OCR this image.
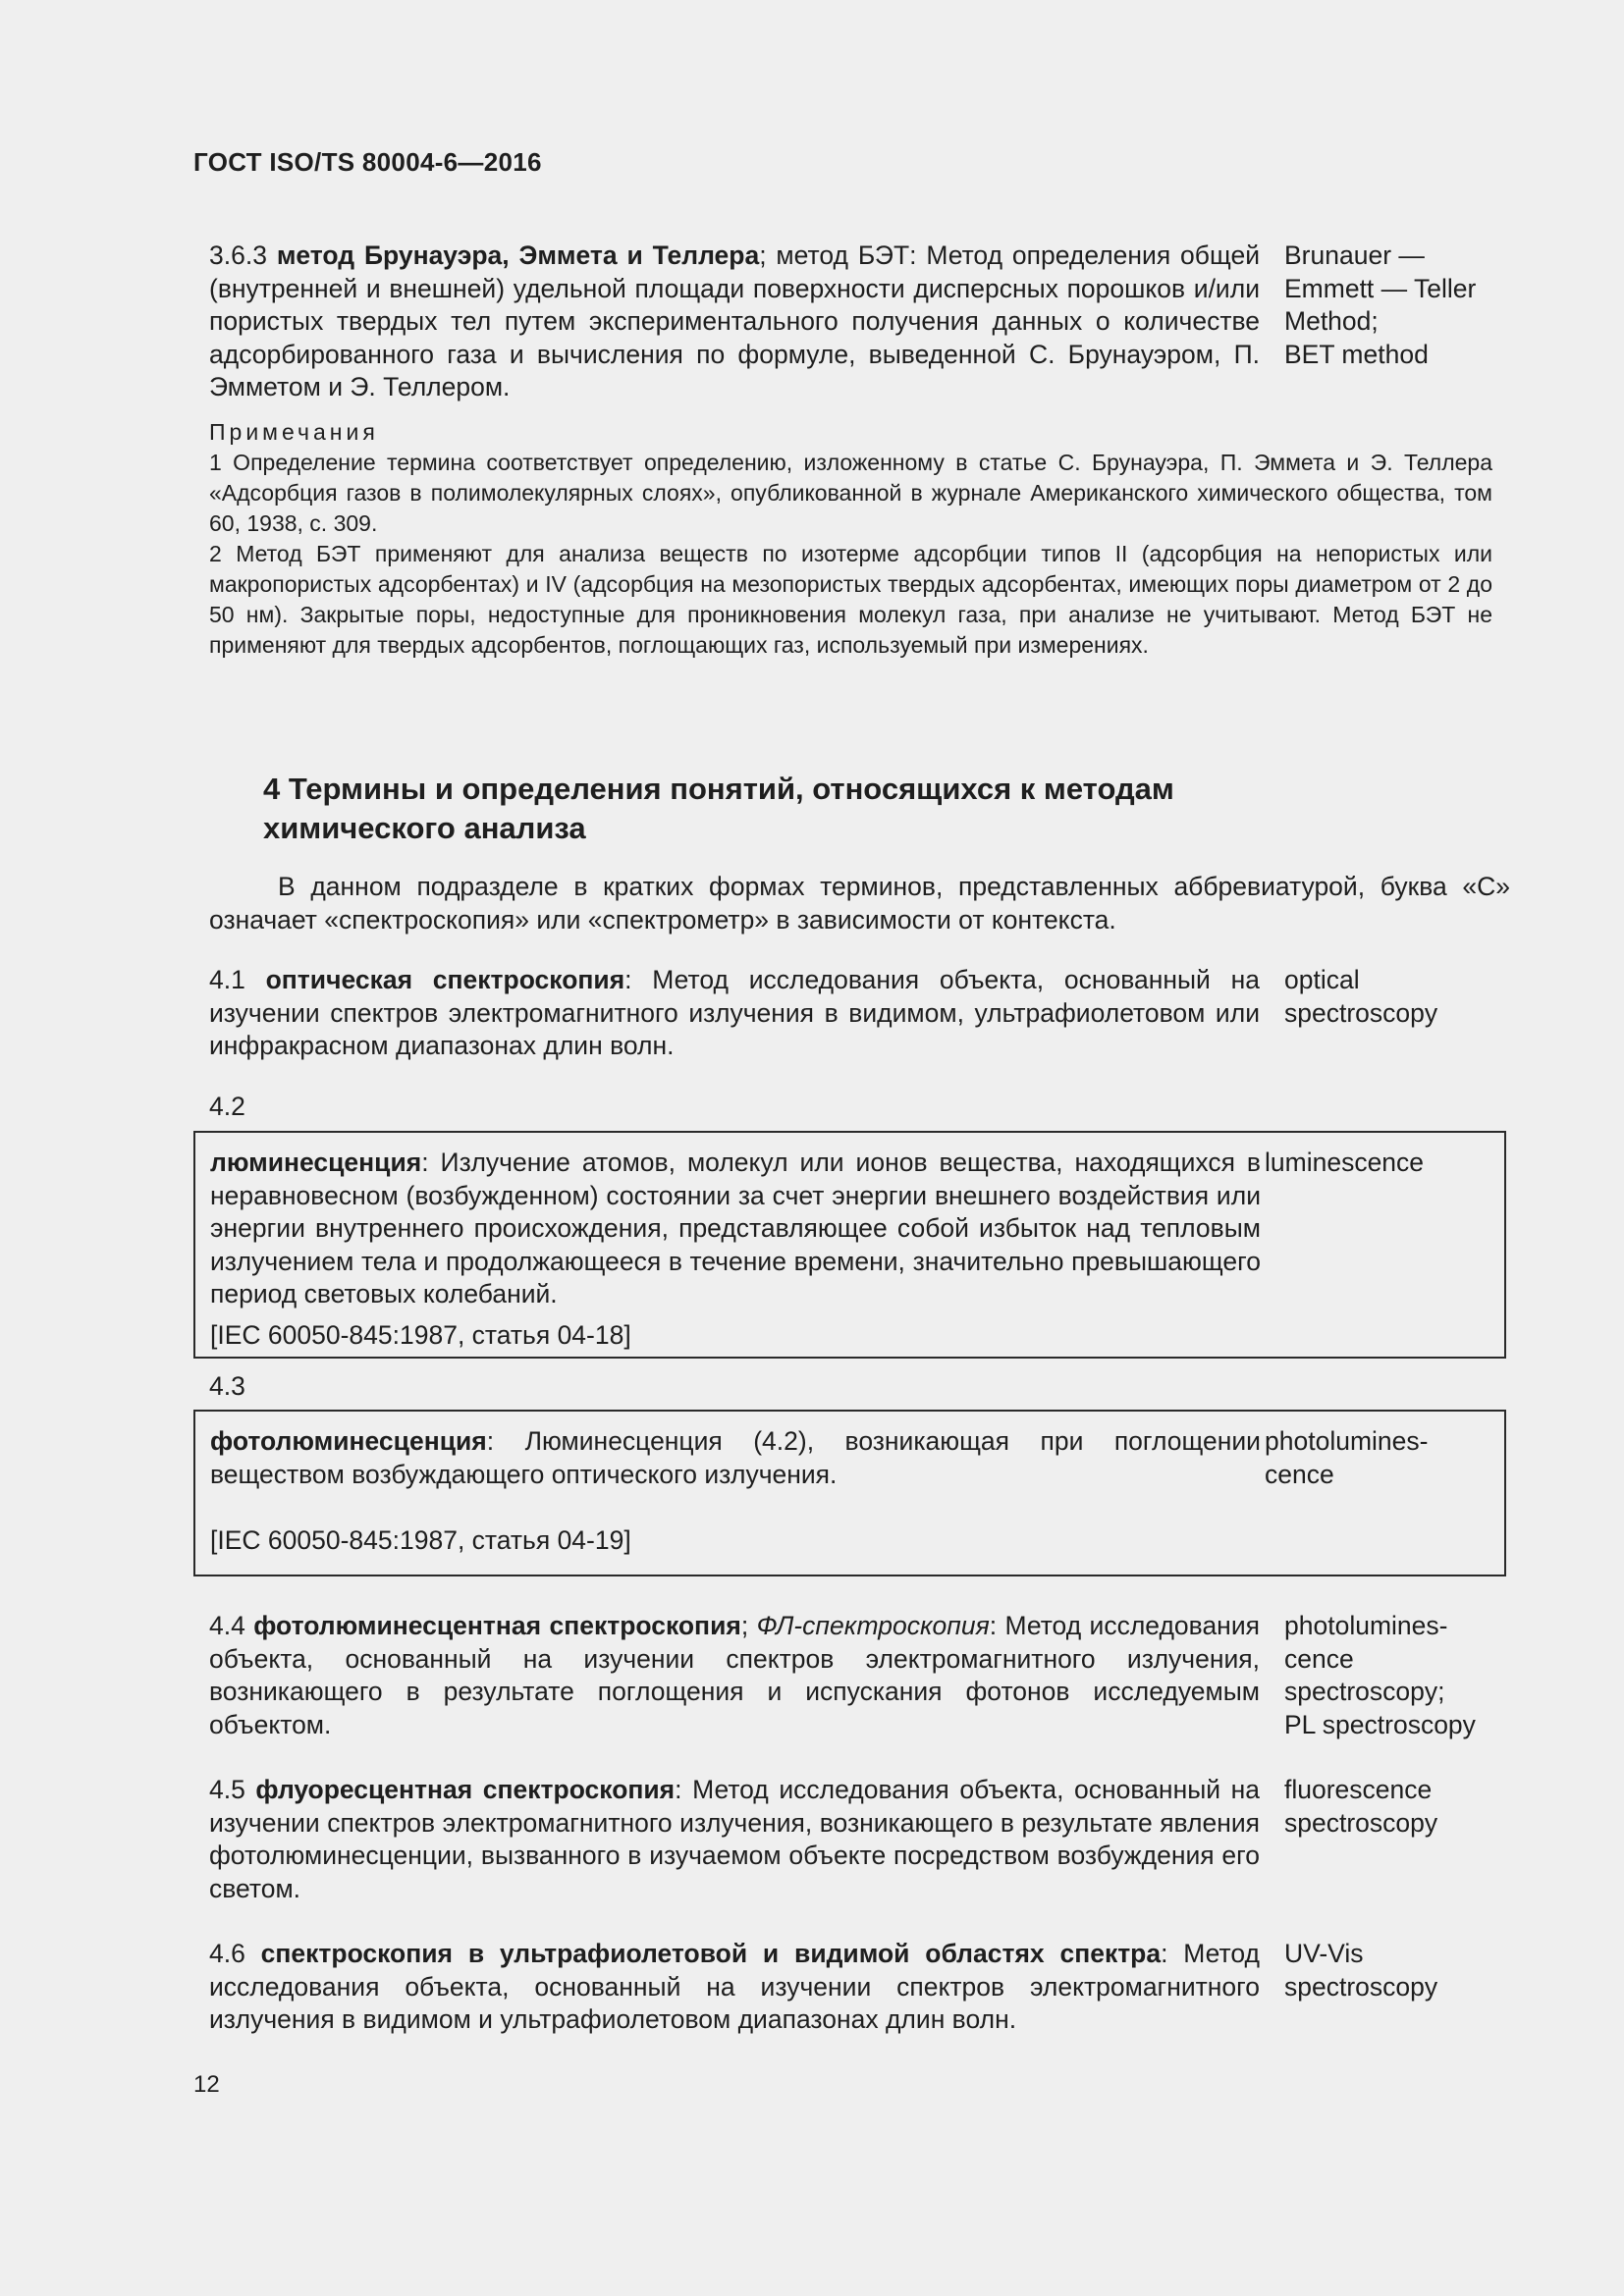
ГОСТ ISO/TS 80004-6—2016
3.6.3 метод Брунауэра, Эммета и Теллера; метод БЭТ: Метод определения общей (внутренней и внешней) удельной площади поверхности дисперсных порошков и/или пористых твердых тел путем экспериментального получения данных о количестве адсорбированного газа и вычисления по формуле, выведенной С. Брунауэром, П. Эмметом и Э. Теллером.
Brunauer —
Emmett — Teller
Method;
BET method

Примечания

1 Определение термина соответствует определению, изложенному в статье С. Брунауэра, П. Эммета и Э. Теллера «Адсорбция газов в полимолекулярных слоях», опубликованной в журнале Американского химического общества, том 60, 1938, с. 309.

2 Метод БЭТ применяют для анализа веществ по изотерме адсорбции типов II (адсорбция на непористых или макропористых адсорбентах) и IV (адсорбция на мезопористых твердых адсорбентах, имеющих поры диаметром от 2 до 50 нм). Закрытые поры, недоступные для проникновения молекул газа, при анализе не учитывают. Метод БЭТ не применяют для твердых адсорбентов, поглощающих газ, используемый при измерениях.

4 Термины и определения понятий, относящихся к методам химического анализа
В данном подразделе в кратких формах терминов, представленных аббревиатурой, буква «С» означает «спектроскопия» или «спектрометр» в зависимости от контекста.
4.1 оптическая спектроскопия: Метод исследования объекта, основанный на изучении спектров электромагнитного излучения в видимом, ультрафиолетовом или инфракрасном диапазонах длин волн.
optical
spectroscopy
4.2
люминесценция: Излучение атомов, молекул или ионов вещества, находящихся в неравновесном (возбужденном) состоянии за счет энергии внешнего воздействия или энергии внутреннего происхождения, представляющее собой избыток над тепловым излучением тела и продолжающееся в течение времени, значительно превышающего период световых колебаний.
luminescence
[IEC 60050-845:1987, статья 04-18]
4.3
фотолюминесценция: Люминесценция (4.2), возникающая при поглощении веществом возбуждающего оптического излучения.
photolumines-
cence
[IEC 60050-845:1987, статья 04-19]
4.4 фотолюминесцентная спектроскопия; ФЛ-спектроскопия: Метод исследования объекта, основанный на изучении спектров электромагнитного излучения, возникающего в результате поглощения и испускания фотонов исследуемым объектом.
photolumines-
cence
spectroscopy;
PL spectroscopy
4.5 флуоресцентная спектроскопия: Метод исследования объекта, основанный на изучении спектров электромагнитного излучения, возникающего в результате явления фотолюминесценции, вызванного в изучаемом объекте посредством возбуждения его светом.
fluorescence
spectroscopy
4.6 спектроскопия в ультрафиолетовой и видимой областях спектра: Метод исследования объекта, основанный на изучении спектров электромагнитного излучения в видимом и ультрафиолетовом диапазонах длин волн.
UV-Vis
spectroscopy
12
